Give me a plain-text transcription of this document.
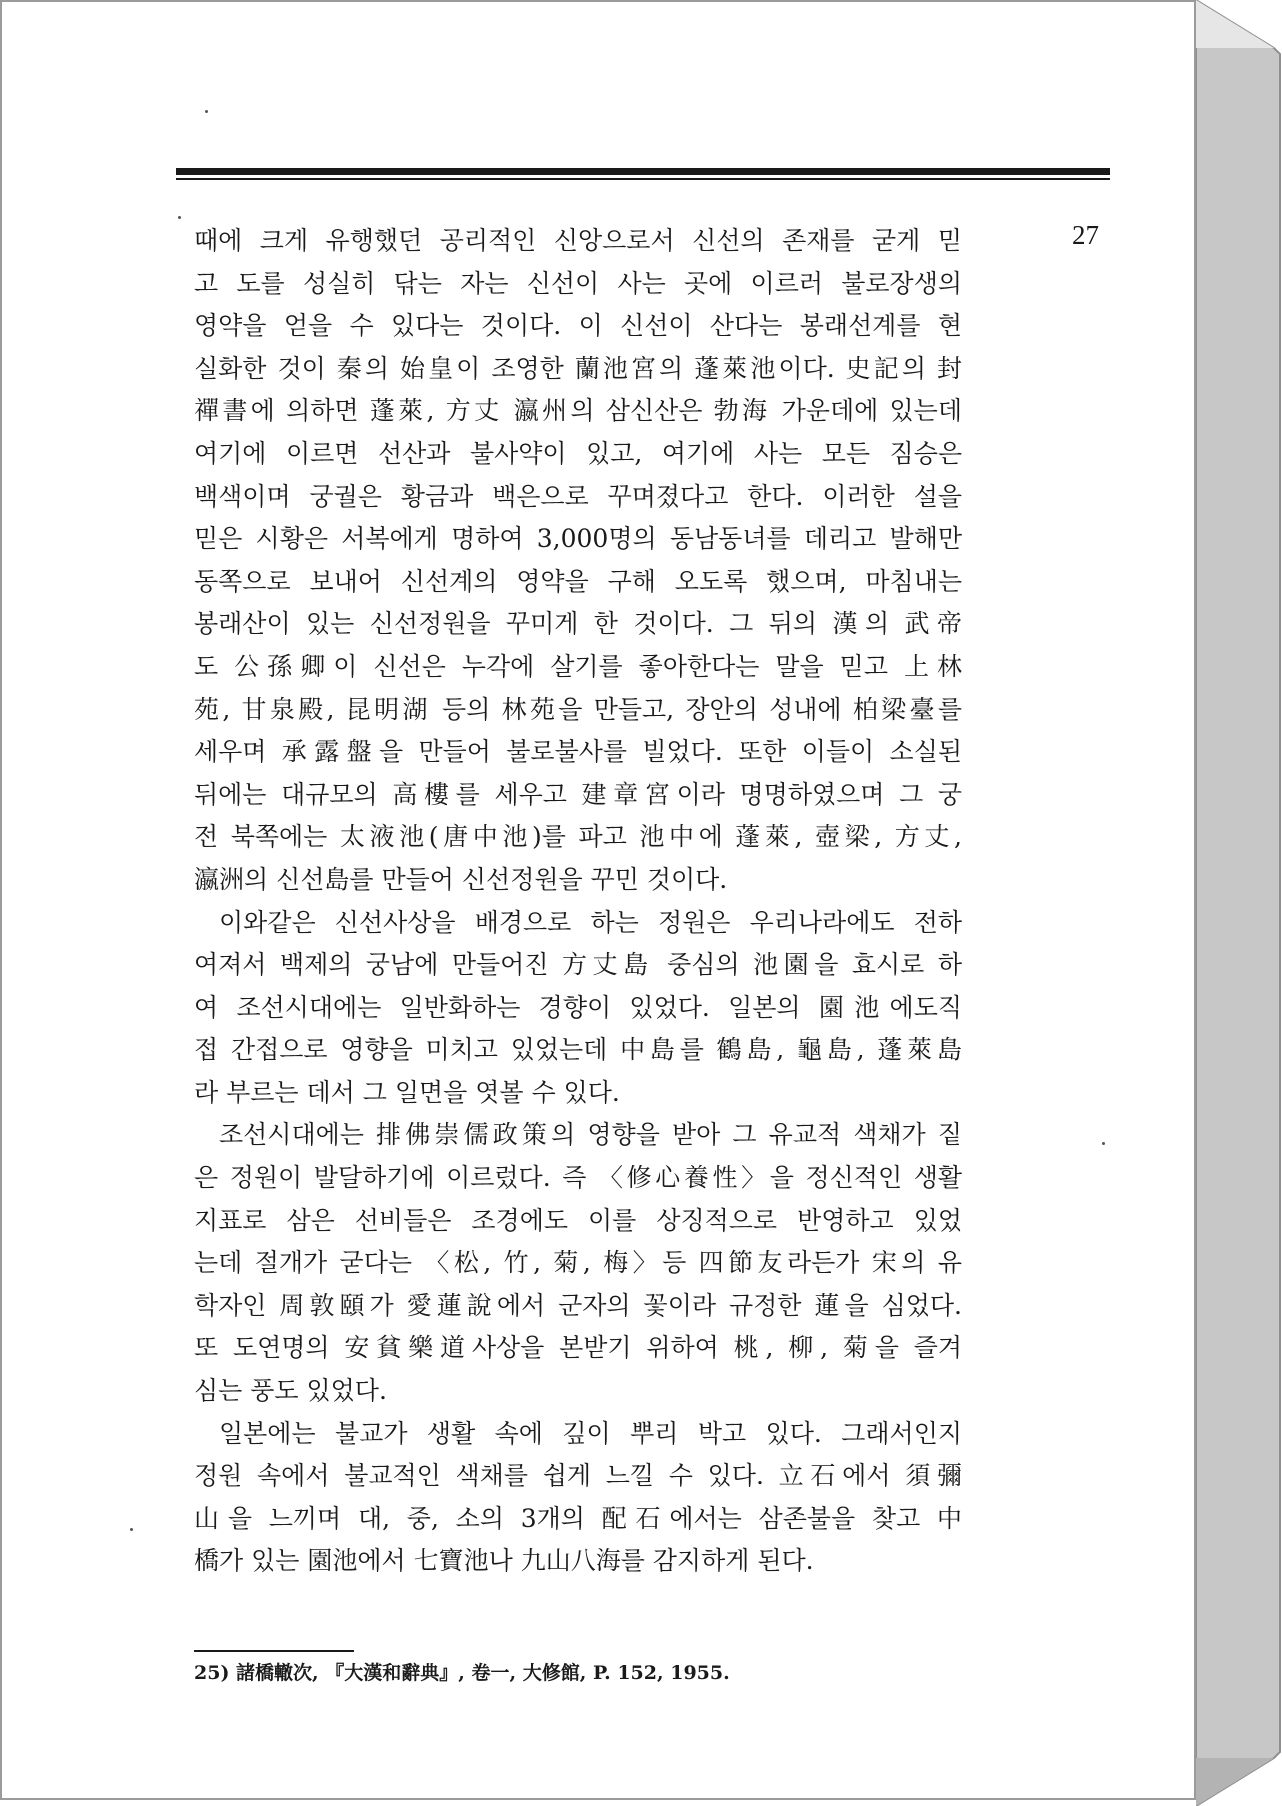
27
때에 크게 유행했던 공리적인 신앙으로서 신선의 존재를 굳게 믿
고 도를 성실히 닦는 자는 신선이 사는 곳에 이르러 불로장생의
영약을 얻을 수 있다는 것이다. 이 신선이 산다는 봉래선계를 현
실화한 것이 秦의 始皇이 조영한 蘭池宮의 蓬萊池이다. 史記의 封
禪書에 의하면 蓬萊, 方丈 瀛州의 삼신산은 勃海 가운데에 있는데
여기에 이르면 선산과 불사약이 있고, 여기에 사는 모든 짐승은
백색이며 궁궐은 황금과 백은으로 꾸며졌다고 한다. 이러한 설을
믿은 시황은 서복에게 명하여 3,000명의 동남동녀를 데리고 발해만
동쪽으로 보내어 신선계의 영약을 구해 오도록 했으며, 마침내는
봉래산이 있는 신선정원을 꾸미게 한 것이다. 그 뒤의 漢의 武帝
도 公孫卿이 신선은 누각에 살기를 좋아한다는 말을 믿고 上林
苑, 甘泉殿, 昆明湖 등의 林苑을 만들고, 장안의 성내에 柏梁臺를
세우며 承露盤을 만들어 불로불사를 빌었다. 또한 이들이 소실된
뒤에는 대규모의 高樓를 세우고 建章宮이라 명명하였으며 그 궁
전 북쪽에는 太液池(唐中池)를 파고 池中에 蓬萊, 壺梁, 方丈,
瀛洲의 신선島를 만들어 신선정원을 꾸민 것이다.
이와같은 신선사상을 배경으로 하는 정원은 우리나라에도 전하
여져서 백제의 궁남에 만들어진 方丈島 중심의 池園을 효시로 하
여 조선시대에는 일반화하는 경향이 있었다. 일본의 園池에도직
접 간접으로 영향을 미치고 있었는데 中島를 鶴島, 龜島, 蓬萊島
라 부르는 데서 그 일면을 엿볼 수 있다.
조선시대에는 排佛崇儒政策의 영향을 받아 그 유교적 색채가 짙
은 정원이 발달하기에 이르렀다. 즉 〈修心養性〉을 정신적인 생활
지표로 삼은 선비들은 조경에도 이를 상징적으로 반영하고 있었
는데 절개가 굳다는 〈松, 竹, 菊, 梅〉등 四節友라든가 宋의 유
학자인 周敦頤가 愛蓮說에서 군자의 꽃이라 규정한 蓮을 심었다.
또 도연명의 安貧樂道사상을 본받기 위하여 桃, 柳, 菊을 즐겨
심는 풍도 있었다.
일본에는 불교가 생활 속에 깊이 뿌리 박고 있다. 그래서인지
정원 속에서 불교적인 색채를 쉽게 느낄 수 있다. 立石에서 須彌
山을 느끼며 대, 중, 소의 3개의 配石에서는 삼존불을 찾고 中
橋가 있는 園池에서 七寶池나 九山八海를 감지하게 된다.
25) 諸橋轍次, 『大漢和辭典』, 卷一, 大修館, P. 152, 1955.
